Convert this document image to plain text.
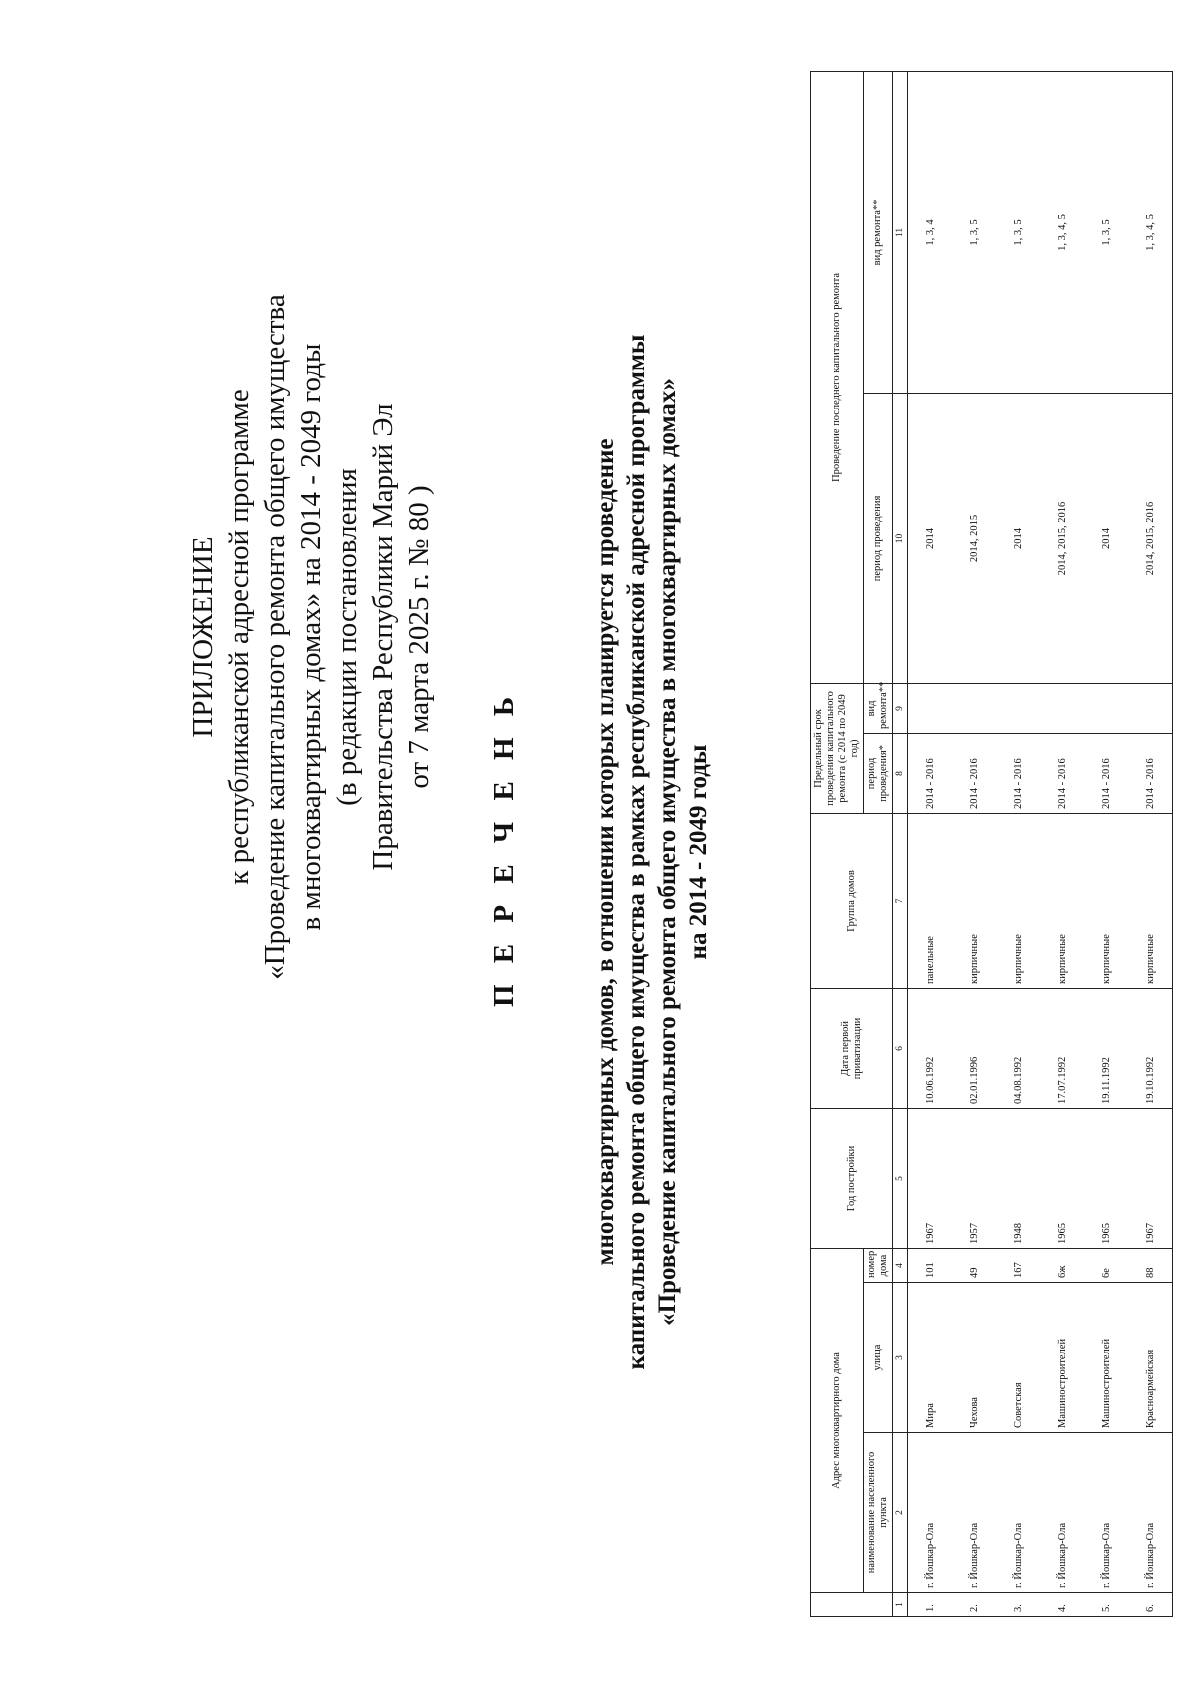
ПРИЛОЖЕНИЕ к республиканской адресной программе «Проведение капитального ремонта общего имущества в многоквартирных домах» на 2014 - 2049 годы (в редакции постановления Правительства Республики Марий Эл от 7 марта 2025 г. № 80 )
П Е Р Е Ч Е Н Ь	многоквартирных домов, в отношении которых планируется проведение капитального ремонта общего имущества в рамках республиканской адресной программы «Проведение капитального ремонта общего имущества в многоквартирных домах» на 2014 - 2049 годы
	Адрес многоквартирного дома			Год постройки	Дата первой приватизации	Группа домов	Предельный срок проведения капитального ремонта (с 2014 по 2049 год)		Проведение последнего капитального ремонта	
	наименование населенного пункта	улица	номер дома				период проведения*	вид ремонта**	период проведения	вид ремонта**
1	2	3	4	5	6	7	8	9	10	11
1.	г. Йошкар-Ола	Мира	101	1967	10.06.1992	панельные	2014 - 2016		2014	1, 3, 4
2.	г. Йошкар-Ола	Чехова	49	1957	02.01.1996	кирпичные	2014 - 2016		2014, 2015	1, 3, 5
3.	г. Йошкар-Ола	Советская	167	1948	04.08.1992	кирпичные	2014 - 2016		2014	1, 3, 5
4.	г. Йошкар-Ола	Машиностроителей	6ж	1965	17.07.1992	кирпичные	2014 - 2016		2014, 2015, 2016	1, 3, 4, 5
5.	г. Йошкар-Ола	Машиностроителей	6е	1965	19.11.1992	кирпичные	2014 - 2016		2014	1, 3, 5
6.	г. Йошкар-Ола	Красноармейская	88	1967	19.10.1992	кирпичные	2014 - 2016		2014, 2015, 2016	1, 3, 4, 5
